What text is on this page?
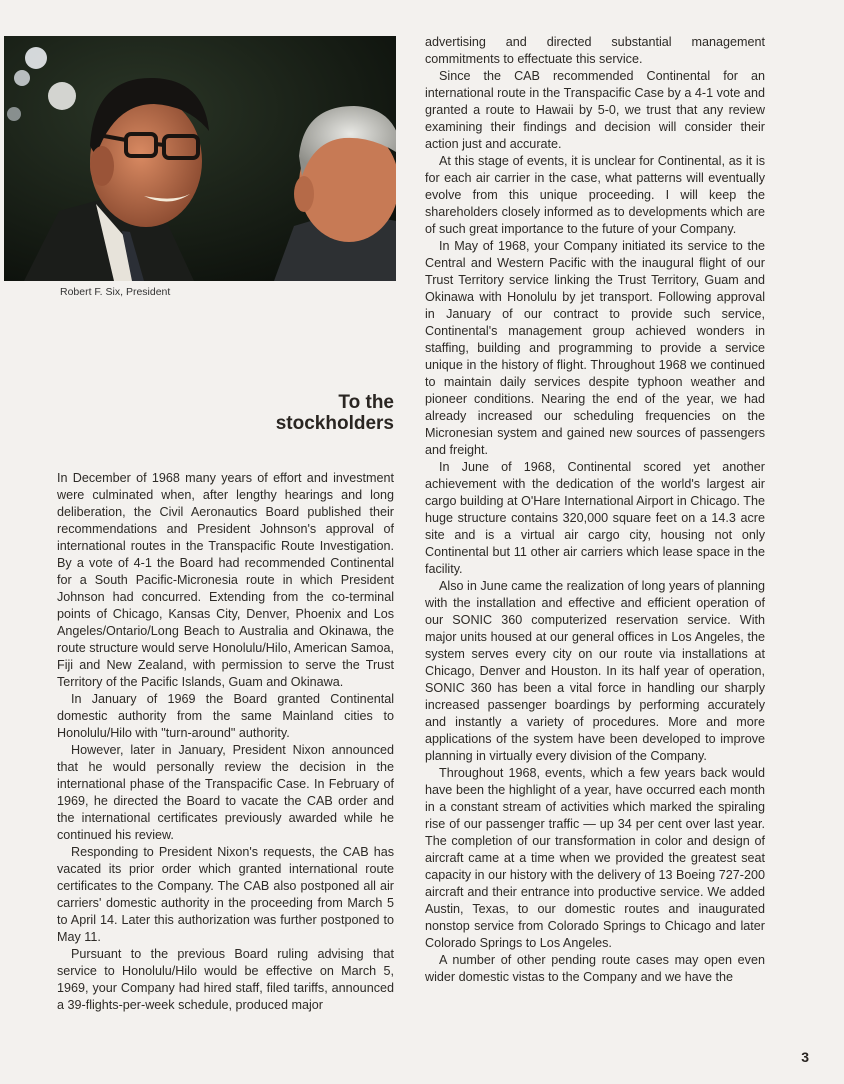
Robert F. Six, President
To the
stockholders

In December of 1968 many years of effort and investment were culminated when, after lengthy hearings and long deliberation, the Civil Aeronautics Board published their recommendations and President Johnson's approval of international routes in the Transpacific Route Investigation. By a vote of 4-1 the Board had recommended Continental for a South Pacific-Micronesia route in which President Johnson had concurred. Extending from the co-terminal points of Chicago, Kansas City, Denver, Phoenix and Los Angeles/Ontario/Long Beach to Australia and Okinawa, the route structure would serve Honolulu/Hilo, American Samoa, Fiji and New Zealand, with permission to serve the Trust Territory of the Pacific Islands, Guam and Okinawa.

In January of 1969 the Board granted Continental domestic authority from the same Mainland cities to Honolulu/Hilo with "turn-around" authority.

However, later in January, President Nixon announced that he would personally review the decision in the international phase of the Transpacific Case. In February of 1969, he directed the Board to vacate the CAB order and the international certificates previously awarded while he continued his review.

Responding to President Nixon's requests, the CAB has vacated its prior order which granted international route certificates to the Company. The CAB also postponed all air carriers' domestic authority in the proceeding from March 5 to April 14. Later this authorization was further postponed to May 11.

Pursuant to the previous Board ruling advising that service to Honolulu/Hilo would be effective on March 5, 1969, your Company had hired staff, filed tariffs, announced a 39-flights-per-week schedule, produced major

advertising and directed substantial management commitments to effectuate this service.

Since the CAB recommended Continental for an international route in the Transpacific Case by a 4-1 vote and granted a route to Hawaii by 5-0, we trust that any review examining their findings and decision will consider their action just and accurate.

At this stage of events, it is unclear for Continental, as it is for each air carrier in the case, what patterns will eventually evolve from this unique proceeding. I will keep the shareholders closely informed as to developments which are of such great importance to the future of your Company.

In May of 1968, your Company initiated its service to the Central and Western Pacific with the inaugural flight of our Trust Territory service linking the Trust Territory, Guam and Okinawa with Honolulu by jet transport. Following approval in January of our contract to provide such service, Continental's management group achieved wonders in staffing, building and programming to provide a service unique in the history of flight. Throughout 1968 we continued to maintain daily services despite typhoon weather and pioneer conditions. Nearing the end of the year, we had already increased our scheduling frequencies on the Micronesian system and gained new sources of passengers and freight.

In June of 1968, Continental scored yet another achievement with the dedication of the world's largest air cargo building at O'Hare International Airport in Chicago. The huge structure contains 320,000 square feet on a 14.3 acre site and is a virtual air cargo city, housing not only Continental but 11 other air carriers which lease space in the facility.

Also in June came the realization of long years of planning with the installation and effective and efficient operation of our SONIC 360 computerized reservation service. With major units housed at our general offices in Los Angeles, the system serves every city on our route via installations at Chicago, Denver and Houston. In its half year of operation, SONIC 360 has been a vital force in handling our sharply increased passenger boardings by performing accurately and instantly a variety of procedures. More and more applications of the system have been developed to improve planning in virtually every division of the Company.

Throughout 1968, events, which a few years back would have been the highlight of a year, have occurred each month in a constant stream of activities which marked the spiraling rise of our passenger traffic — up 34 per cent over last year. The completion of our transformation in color and design of aircraft came at a time when we provided the greatest seat capacity in our history with the delivery of 13 Boeing 727-200 aircraft and their entrance into productive service. We added Austin, Texas, to our domestic routes and inaugurated nonstop service from Colorado Springs to Chicago and later Colorado Springs to Los Angeles.

A number of other pending route cases may open even wider domestic vistas to the Company and we have the

3
